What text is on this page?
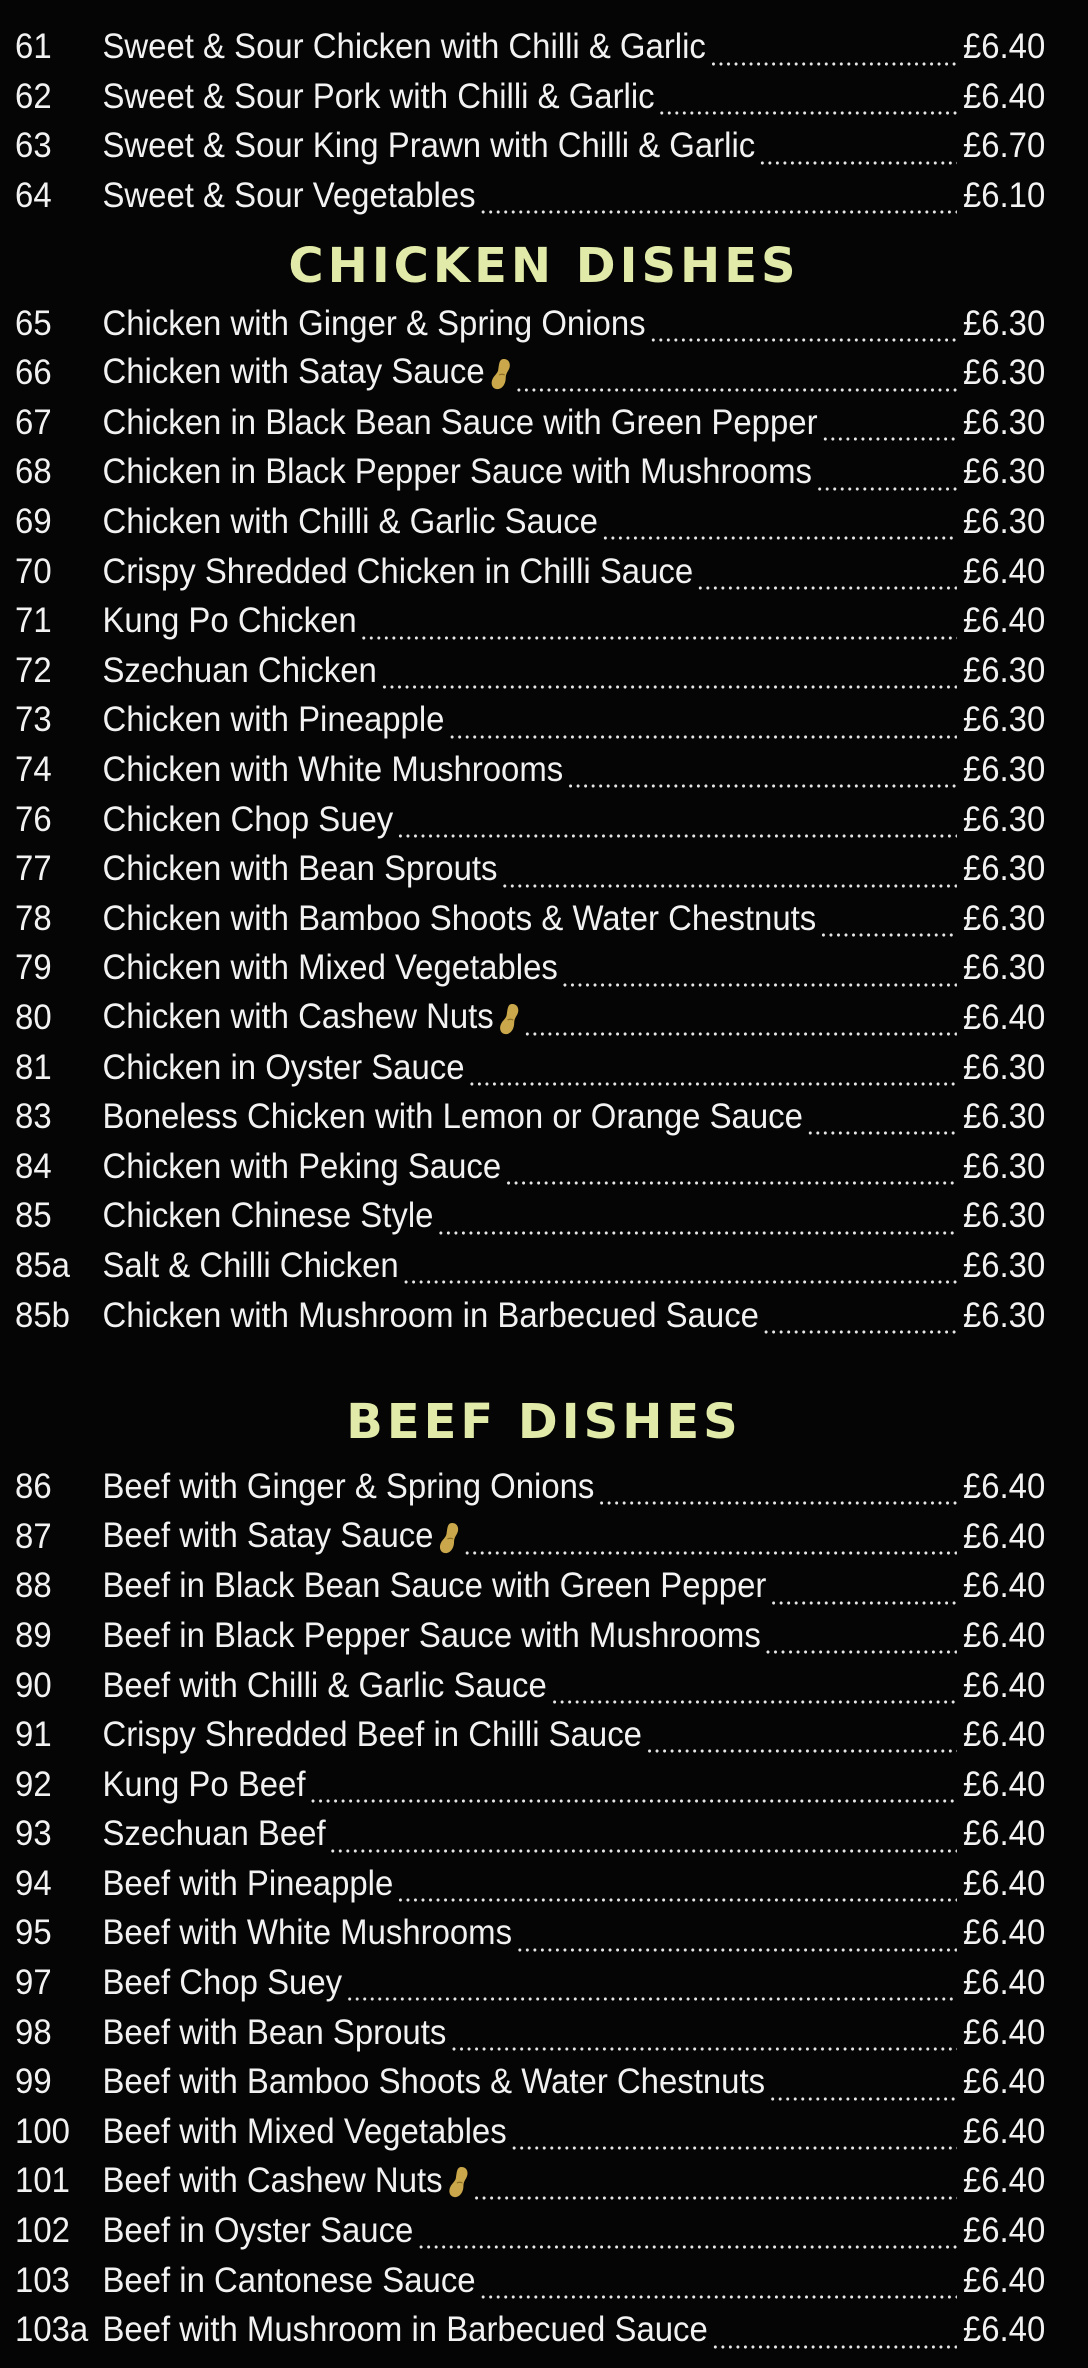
61	Sweet & Sour Chicken with Chilli & Garlic	£6.40
62	Sweet & Sour Pork with Chilli & Garlic	£6.40
63	Sweet & Sour King Prawn with Chilli & Garlic	£6.70
64	Sweet & Sour Vegetables	£6.10
CHICKEN DISHES
65	Chicken with Ginger & Spring Onions	£6.30
66	Chicken with Satay Sauce	£6.30
67	Chicken in Black Bean Sauce with Green Pepper	£6.30
68	Chicken in Black Pepper Sauce with Mushrooms	£6.30
69	Chicken with Chilli & Garlic Sauce	£6.30
70	Crispy Shredded Chicken in Chilli Sauce	£6.40
71	Kung Po Chicken	£6.40
72	Szechuan Chicken	£6.30
73	Chicken with Pineapple	£6.30
74	Chicken with White Mushrooms	£6.30
76	Chicken Chop Suey	£6.30
77	Chicken with Bean Sprouts	£6.30
78	Chicken with Bamboo Shoots & Water Chestnuts	£6.30
79	Chicken with Mixed Vegetables	£6.30
80	Chicken with Cashew Nuts	£6.40
81	Chicken in Oyster Sauce	£6.30
83	Boneless Chicken with Lemon or Orange Sauce	£6.30
84	Chicken with Peking Sauce	£6.30
85	Chicken Chinese Style	£6.30
85a Salt & Chilli Chicken	£6.30
85b Chicken with Mushroom in Barbecued Sauce	£6.30
BEEF DISHES
86	Beef with Ginger & Spring Onions	£6.40
87	Beef with Satay Sauce	£6.40
88	Beef in Black Bean Sauce with Green Pepper	£6.40
89	Beef in Black Pepper Sauce with Mushrooms	£6.40
90	Beef with Chilli & Garlic Sauce	£6.40
91	Crispy Shredded Beef in Chilli Sauce	£6.40
92	Kung Po Beef	£6.40
93	Szechuan Beef	£6.40
94	Beef with Pineapple	£6.40
95	Beef with White Mushrooms	£6.40
97	Beef Chop Suey	£6.40
98	Beef with Bean Sprouts	£6.40
99	Beef with Bamboo Shoots & Water Chestnuts	£6.40
100 Beef with Mixed Vegetables	£6.40
101 Beef with Cashew Nuts	£6.40
102 Beef in Oyster Sauce	£6.40
103 Beef in Cantonese Sauce	£6.40
103a Beef with Mushroom in Barbecued Sauce	£6.40
